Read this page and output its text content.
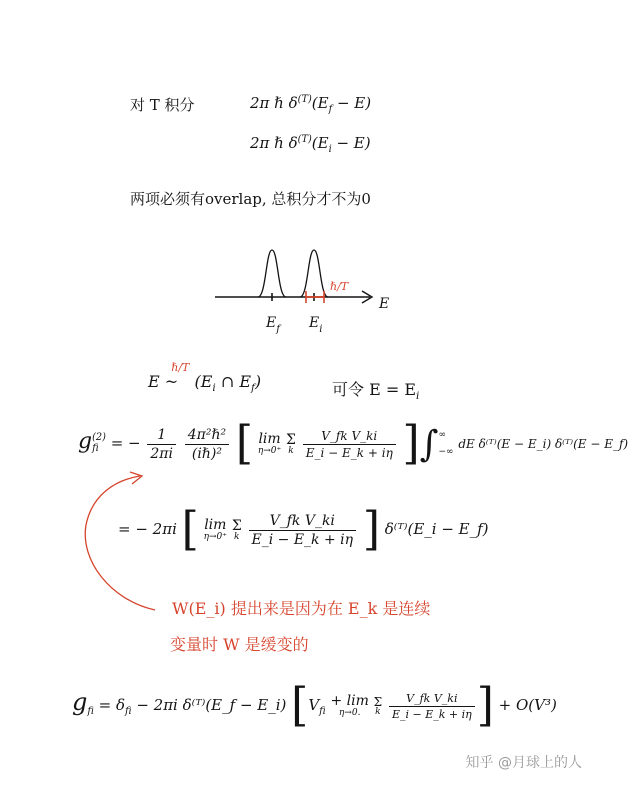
对 T 积分	2π ℏ $\delta^{(T)}(E_f - E)$
2π ℏ $\delta^{(T)}(E_i - E)$
两项必须有overlap, 总积分才不为0
E
$E_f$ $E_i$
ℏ/T
E ~ $^{\hbar/T}$ ($E_i$ ∩ $E_f$)	可令 $E = E_i$
g (2)
fi = − $\frac{1}{2\pi i}$
$\frac{\text{4π²ℏ²}}{\text{(iℏ)²}}$ [ lim
η→0⁺
Σ
k
$\frac{\text{V\_fk V\_ki}}{E\_i - E\_k + i\eta}$ ]∫ ∞
−∞
dE δ⁽ᵀ⁾(E − E_i) δ⁽ᵀ⁾(E − E_f)
= − 2πi [ lim
η→0⁺
Σ
k
$\frac{\text{V\_fk V\_ki}}{E\_i - E\_k + i\eta}$ ] δ⁽ᵀ⁾(E_i − E_f)
W(E_i) 提出来是因为在 E_k 是连续
变量时 W 是缓变的
$g_{fi} = \delta_{fi} - 2\pi i$ δ⁽ᵀ⁾(E_f − E_i) [$V_{fi} + \lim$
η→0.
Σ
k
$\frac{\text{V\_fk V\_ki}}{E\_i - E\_k + i\eta}$ ] + O(V³)
知乎 @月球上的人
